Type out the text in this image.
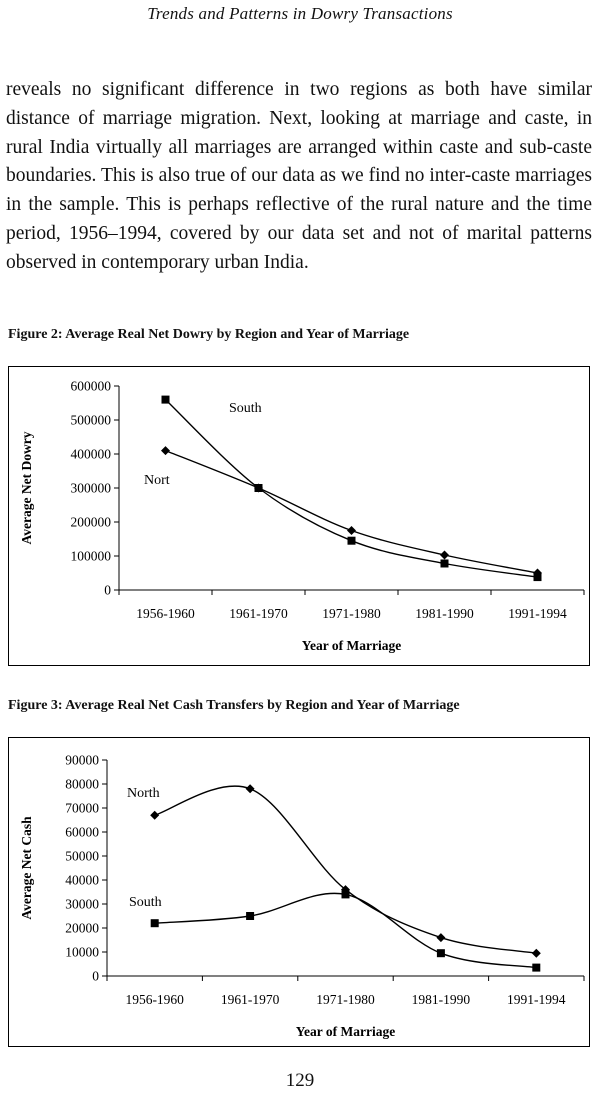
Trends and Patterns in Dowry Transactions

reveals no significant difference in two regions as both have similar distance of marriage migration. Next, looking at marriage and caste, in rural India virtually all marriages are arranged within caste and sub-caste boundaries. This is also true of our data as we find no inter-caste marriages in the sample. This is perhaps reflective of the rural nature and the time period, 1956–1994, covered by our data set and not of marital patterns observed in contemporary urban India.

Figure 2: Average Real Net Dowry by Region and Year of Marriage

0
100000
200000
300000
400000
500000
600000
1956-1960	1961-1970	1971-1980	1981-1990	1991-1994
Year of Marriage
Average Net Dowry
South
Nort

Figure 3: Average Real Net Cash Transfers by Region and Year of Marriage

0
10000
20000
30000
40000
50000
60000
70000
80000
90000
1956-1960	1961-1970	1971-1980	1981-1990	1991-1994
Year of Marriage
Average Net Cash
North
South
129
